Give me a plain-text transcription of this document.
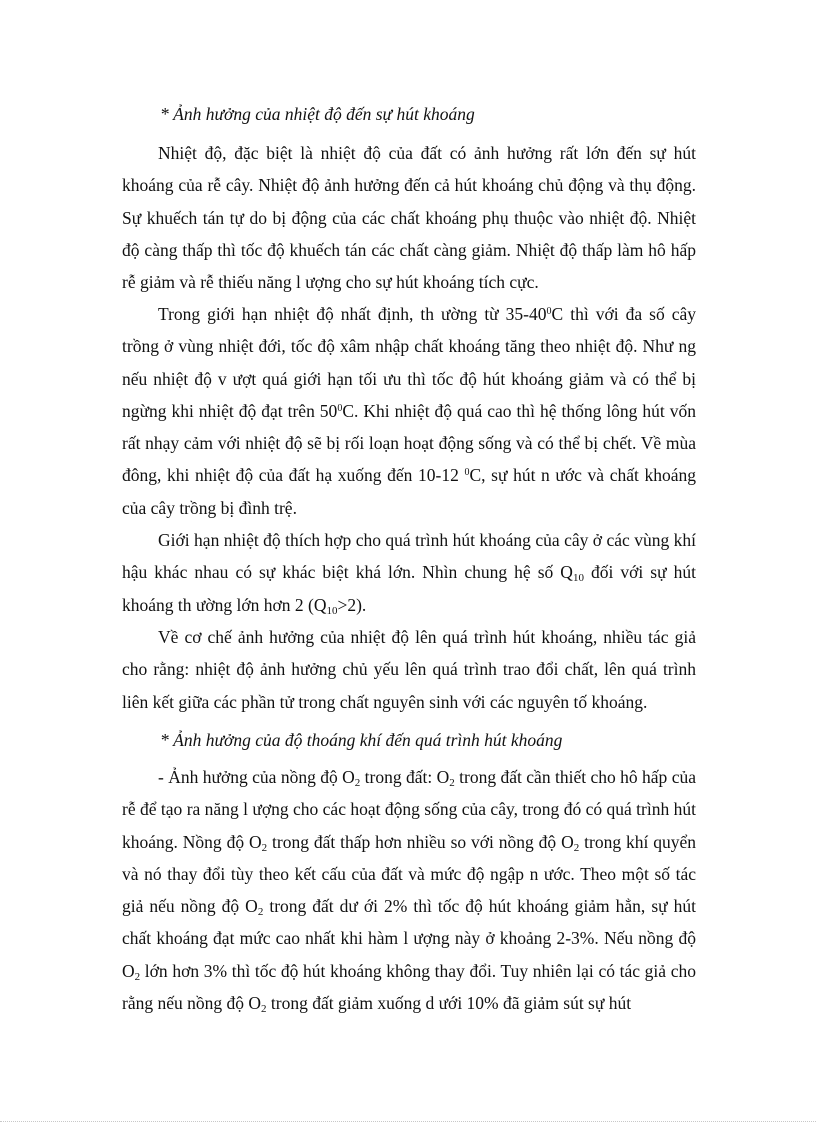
* Ảnh hưởng của nhiệt độ đến sự hút khoáng

Nhiệt độ, đặc biệt là nhiệt độ của đất có ảnh hưởng rất lớn đến sự hút khoáng của rễ cây. Nhiệt độ ảnh hưởng đến cả hút khoáng chủ động và thụ động. Sự khuếch tán tự do bị động của các chất khoáng phụ thuộc vào nhiệt độ. Nhiệt độ càng thấp thì tốc độ khuếch tán các chất càng giảm. Nhiệt độ thấp làm hô hấp rễ giảm và rễ thiếu năng l ượng cho sự hút khoáng tích cực.

Trong giới hạn nhiệt độ nhất định, th ường từ $35-40^0C$ thì với đa số cây trồng ở vùng nhiệt đới, tốc độ xâm nhập chất khoáng tăng theo nhiệt độ. Như ng nếu nhiệt độ v ượt quá giới hạn tối ưu thì tốc độ hút khoáng giảm và có thể bị ngừng khi nhiệt độ đạt trên $50^0C$. Khi nhiệt độ quá cao thì hệ thống lông hút vốn rất nhạy cảm với nhiệt độ sẽ bị rối loạn hoạt động sống và có thể bị chết. Về mùa đông, khi nhiệt độ của đất hạ xuống đến 10-12 $^0$C, sự hút n ước và chất khoáng của cây trồng bị đình trệ.

Giới hạn nhiệt độ thích hợp cho quá trình hút khoáng của cây ở các vùng khí hậu khác nhau có sự khác biệt khá lớn. Nhìn chung hệ số $Q_{10}$ đối với sự hút khoáng th ường lớn hơn 2 $(Q_{10}>2)$.

Về cơ chế ảnh hưởng của nhiệt độ lên quá trình hút khoáng, nhiều tác giả cho rằng: nhiệt độ ảnh hưởng chủ yếu lên quá trình trao đổi chất, lên quá trình liên kết giữa các phần tử trong chất nguyên sinh với các nguyên tố khoáng.

* Ảnh hưởng của độ thoáng khí đến quá trình hút khoáng

- Ảnh hưởng của nồng độ $O_2$ trong đất: $O_2$ trong đất cần thiết cho hô hấp của rễ để tạo ra năng l ượng cho các hoạt động sống của cây, trong đó có quá trình hút khoáng. Nồng độ $O_2$ trong đất thấp hơn nhiều so với nồng độ $O_2$ trong khí quyển và nó thay đổi tùy theo kết cấu của đất và mức độ ngập n ước. Theo một số tác giả nếu nồng độ $O_2$ trong đất dư ới 2% thì tốc độ hút khoáng giảm hẳn, sự hút chất khoáng đạt mức cao nhất khi hàm l ượng này ở khoảng 2-3%. Nếu nồng độ $O_2$ lớn hơn 3% thì tốc độ hút khoáng không thay đổi. Tuy nhiên lại có tác giả cho rằng nếu nồng độ $O_2$ trong đất giảm xuống d ưới 10% đã giảm sút sự hút
